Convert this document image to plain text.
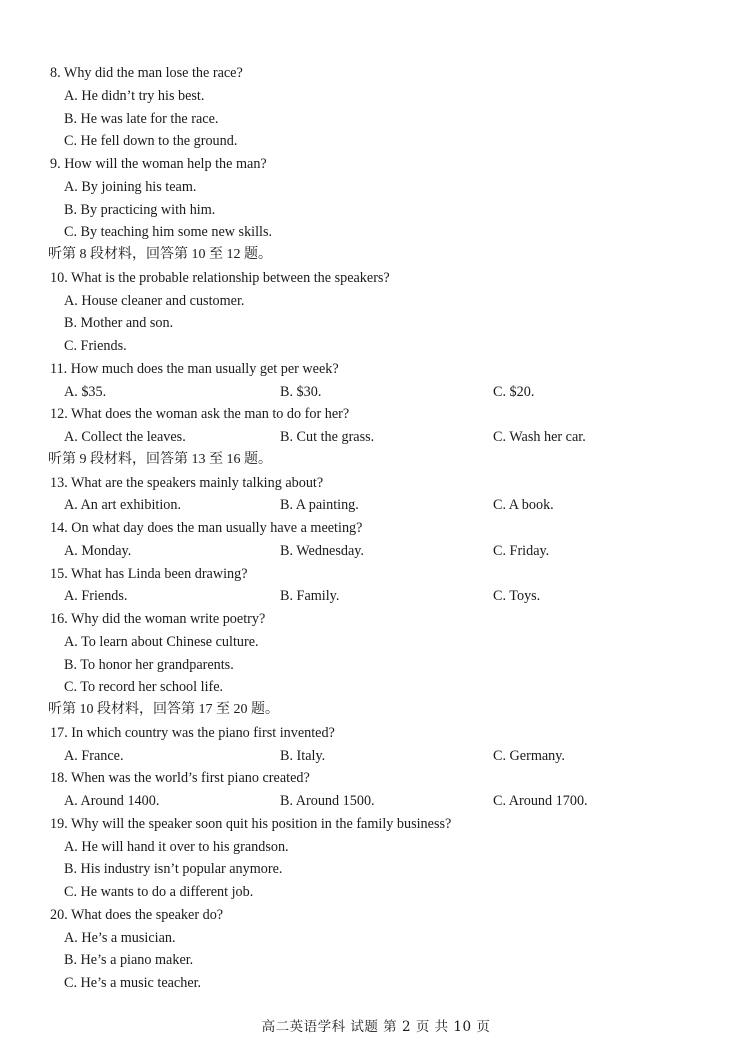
8. Why did the man lose the race?
A. He didn’t try his best.
B. He was late for the race.
C. He fell down to the ground.
9. How will the woman help the man?
A. By joining his team.
B. By practicing with him.
C. By teaching him some new skills.
听第 8 段材料，回答第 10 至 12 题。
10. What is the probable relationship between the speakers?
A. House cleaner and customer.
B. Mother and son.
C. Friends.
11. How much does the man usually get per week?
A. $35.	B. $30.	C. $20.
12. What does the woman ask the man to do for her?
A. Collect the leaves.	B. Cut the grass.	C. Wash her car.
听第 9 段材料，回答第 13 至 16 题。
13. What are the speakers mainly talking about?
A. An art exhibition.	B. A painting.	C. A book.
14. On what day does the man usually have a meeting?
A. Monday.	B. Wednesday.	C. Friday.
15. What has Linda been drawing?
A. Friends.	B. Family.	C. Toys.
16. Why did the woman write poetry?
A. To learn about Chinese culture.
B. To honor her grandparents.
C. To record her school life.
听第 10 段材料，回答第 17 至 20 题。
17. In which country was the piano first invented?
A. France.	B. Italy.	C. Germany.
18. When was the world’s first piano created?
A. Around 1400.	B. Around 1500.	C. Around 1700.
19. Why will the speaker soon quit his position in the family business?
A. He will hand it over to his grandson.
B. His industry isn’t popular anymore.
C. He wants to do a different job.
20. What does the speaker do?
A. He’s a musician.
B. He’s a piano maker.
C. He’s a music teacher.
高二英语学科 试题 第 2 页 共 10 页
